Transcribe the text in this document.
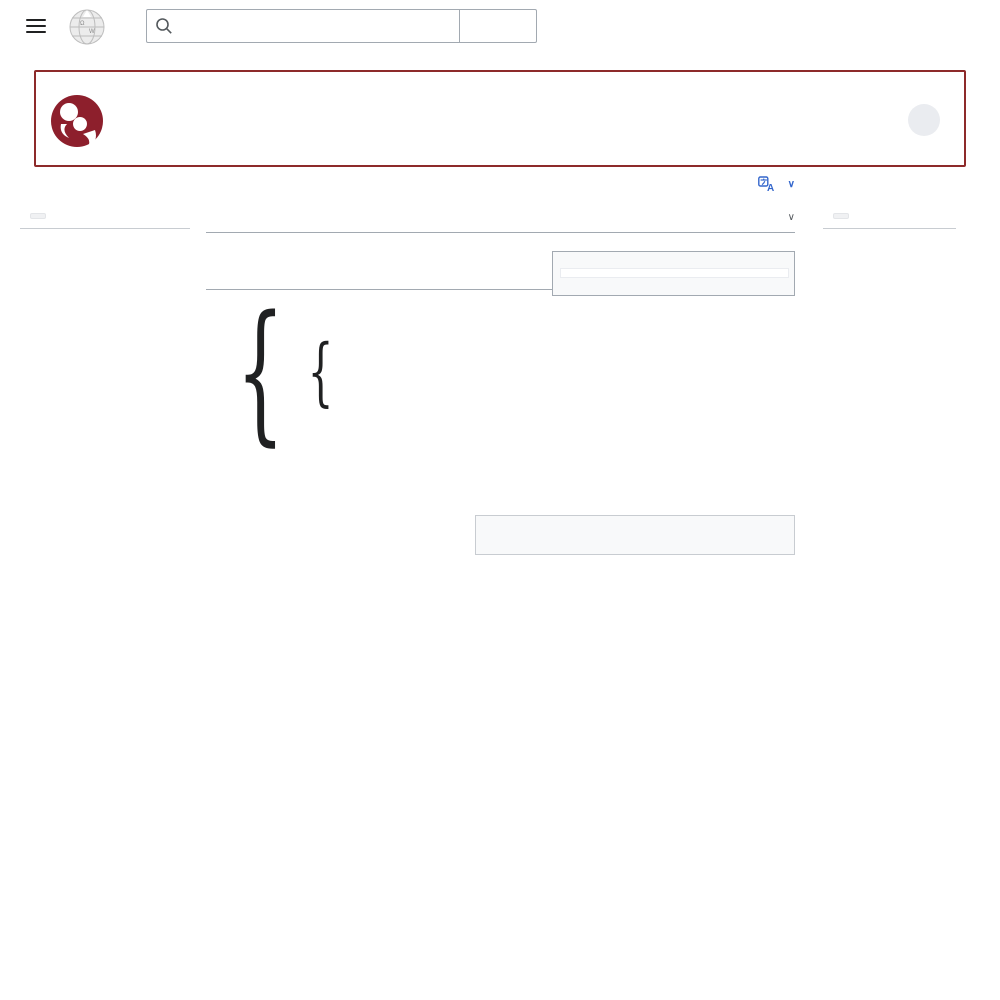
Ω
W
A ∨
∨

{ {
